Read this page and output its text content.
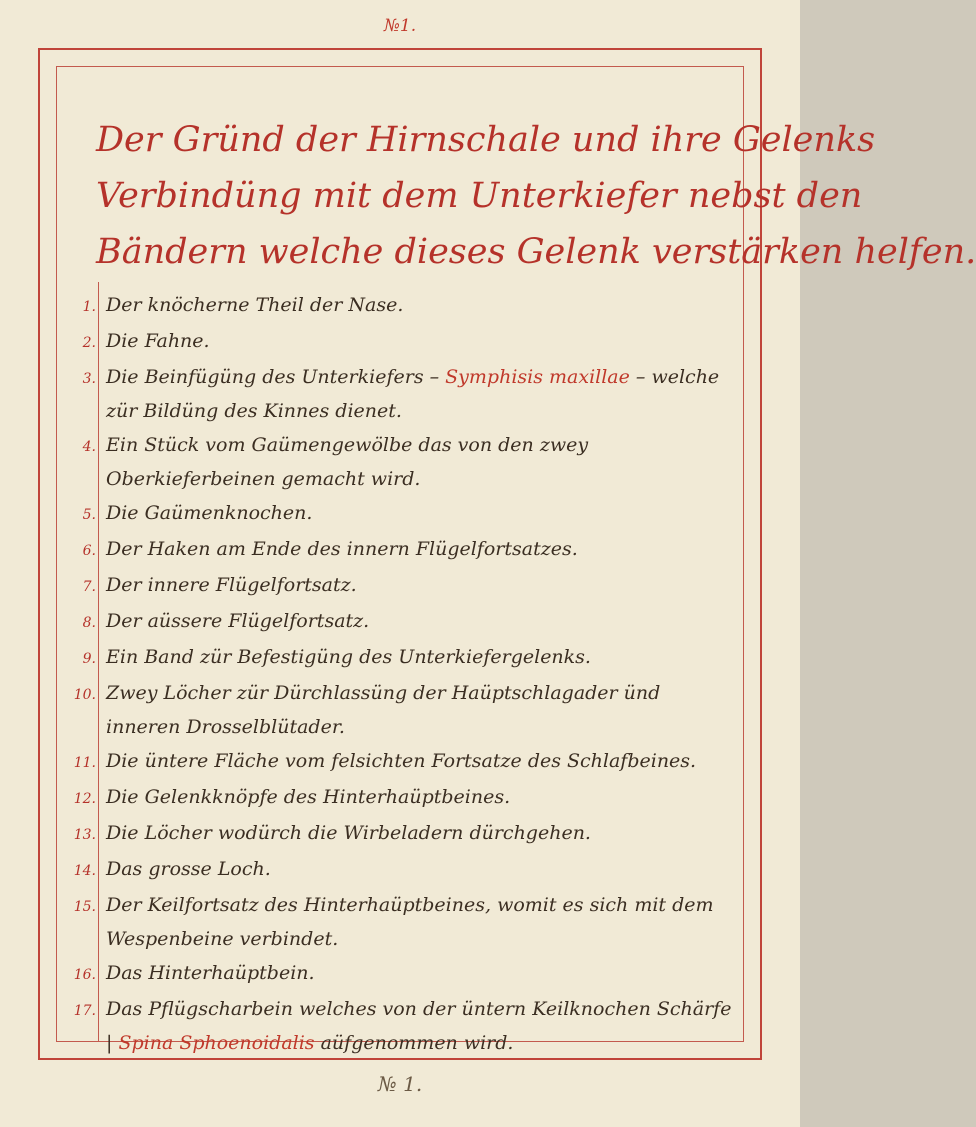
№1.
Der Gründ der Hirnschale und ihre Gelenks
Verbindüng mit dem Unterkiefer nebst den
Bändern welche dieses Gelenk verstärken helfen.
1. Der knöcherne Theil der Nase.
2. Die Fahne.
3. Die Beinfügüng des Unterkiefers – Symphisis maxillae – welche zür Bildüng des Kinnes dienet.
4. Ein Stück vom Gaümengewölbe das von den zwey Oberkieferbeinen gemacht wird.
5. Die Gaümenknochen.
6. Der Haken am Ende des innern Flügelfortsatzes.
7. Der innere Flügelfortsatz.
8. Der aüssere Flügelfortsatz.
9. Ein Band zür Befestigüng des Unterkiefergelenks.
10. Zwey Löcher zür Dürchlassüng der Haüptschlagader ünd inneren Drosselblütader.
11. Die üntere Fläche vom felsichten Fortsatze des Schlafbeines.
12. Die Gelenkknöpfe des Hinterhaüptbeines.
13. Die Löcher wodürch die Wirbeladern dürchgehen.
14. Das grosse Loch.
15. Der Keilfortsatz des Hinterhaüptbeines, womit es sich mit dem Wespenbeine verbindet.
16. Das Hinterhaüptbein.
17. Das Pflügscharbein welches von der üntern Keilknochen Schärfe | Spina Sphoenoidalis aüfgenommen wird.
№ 1.
